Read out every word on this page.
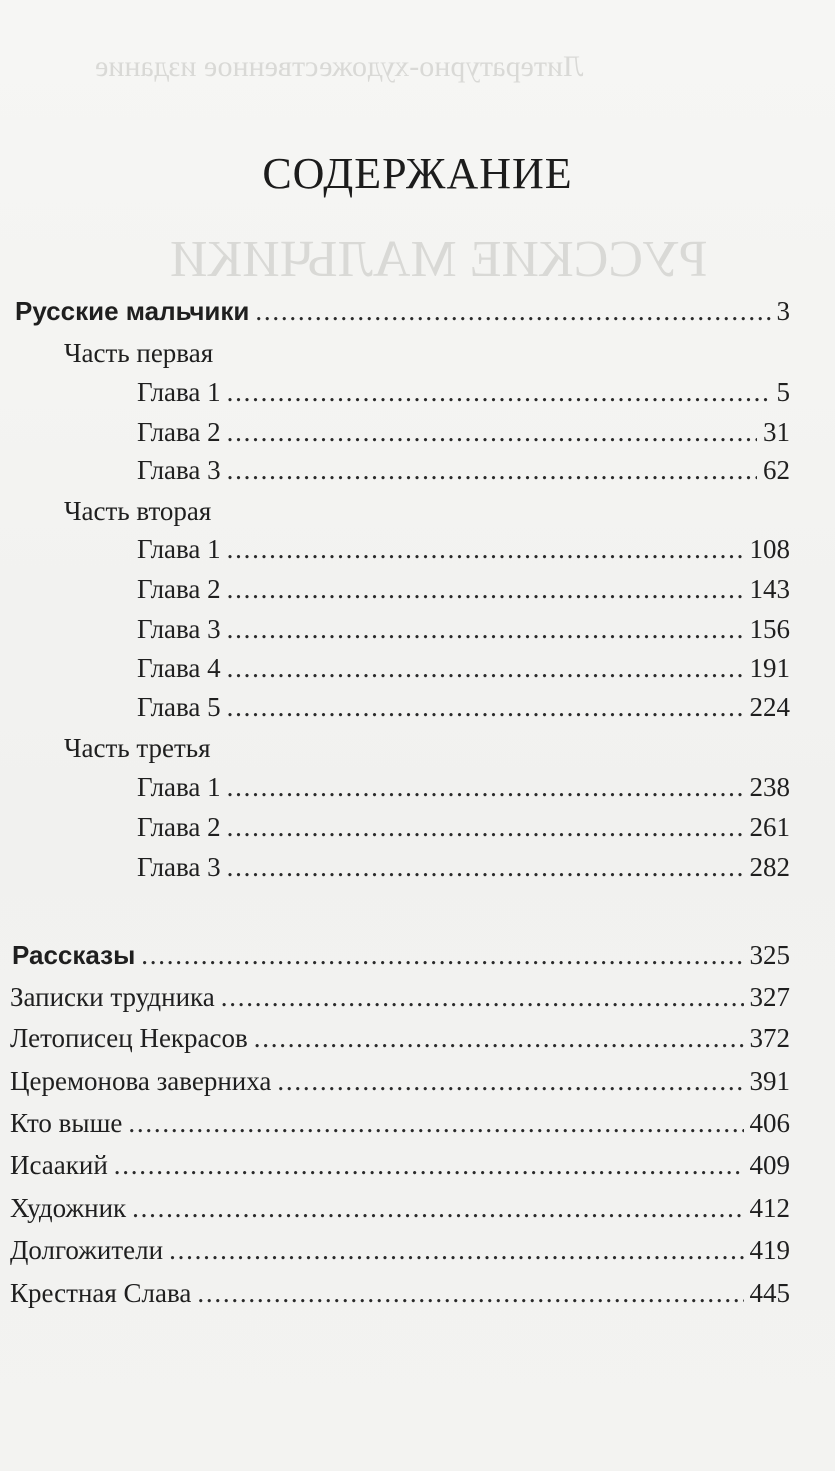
Литературно-художественное издание
РУССКИЕ МАЛЬЧИКИ
СОДЕРЖАНИЕ
Русские мальчики . . .	3
Часть первая
Глава 1 . . .	5
Глава 2 . . .	31
Глава 3 . . .	62
Часть вторая
Глава 1 . . .	108
Глава 2 . . .	143
Глава 3 . . .	156
Глава 4 . . .	191
Глава 5 . . .	224
Часть третья
Глава 1 . . .	238
Глава 2 . . .	261
Глава 3 . . .	282
Рассказы . . .	325
Записки трудника . . .	327
Летописец Некрасов . . .	372
Церемонова заверниха . . .	391
Кто выше . . .	406
Исаакий . . .	409
Художник . . .	412
Долгожители . . .	419
Крестная Слава . . .	445
